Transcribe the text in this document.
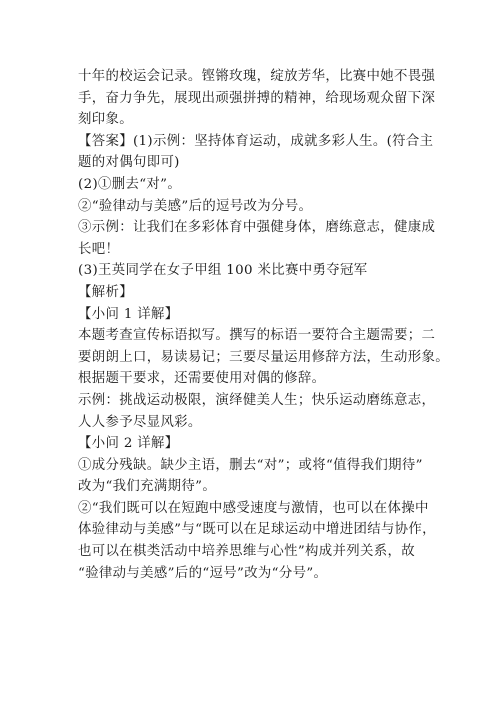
十年的校运会记录。铿锵玫瑰，绽放芳华，比赛中她不畏强
手，奋力争先，展现出顽强拼搏的精神，给现场观众留下深
刻印象。
【答案】(1)示例：坚持体育运动，成就多彩人生。(符合主
题的对偶句即可)
(2)①删去“对”。
②“验律动与美感”后的逗号改为分号。
③示例：让我们在多彩体育中强健身体，磨练意志，健康成
长吧！
(3)王英同学在女子甲组 100 米比赛中勇夺冠军
【解析】
【小问 1 详解】
本题考查宣传标语拟写。撰写的标语一要符合主题需要；二
要朗朗上口，易读易记；三要尽量运用修辞方法，生动形象。
根据题干要求，还需要使用对偶的修辞。
示例：挑战运动极限，演绎健美人生；快乐运动磨练意志，
人人参予尽显风彩。
【小问 2 详解】
①成分残缺。缺少主语，删去“对”；或将“值得我们期待”
改为“我们充满期待”。
②“我们既可以在短跑中感受速度与激情，也可以在体操中
体验律动与美感”与“既可以在足球运动中增进团结与协作，
也可以在棋类活动中培养思维与心性”构成并列关系，故
“验律动与美感”后的“逗号”改为“分号”。
